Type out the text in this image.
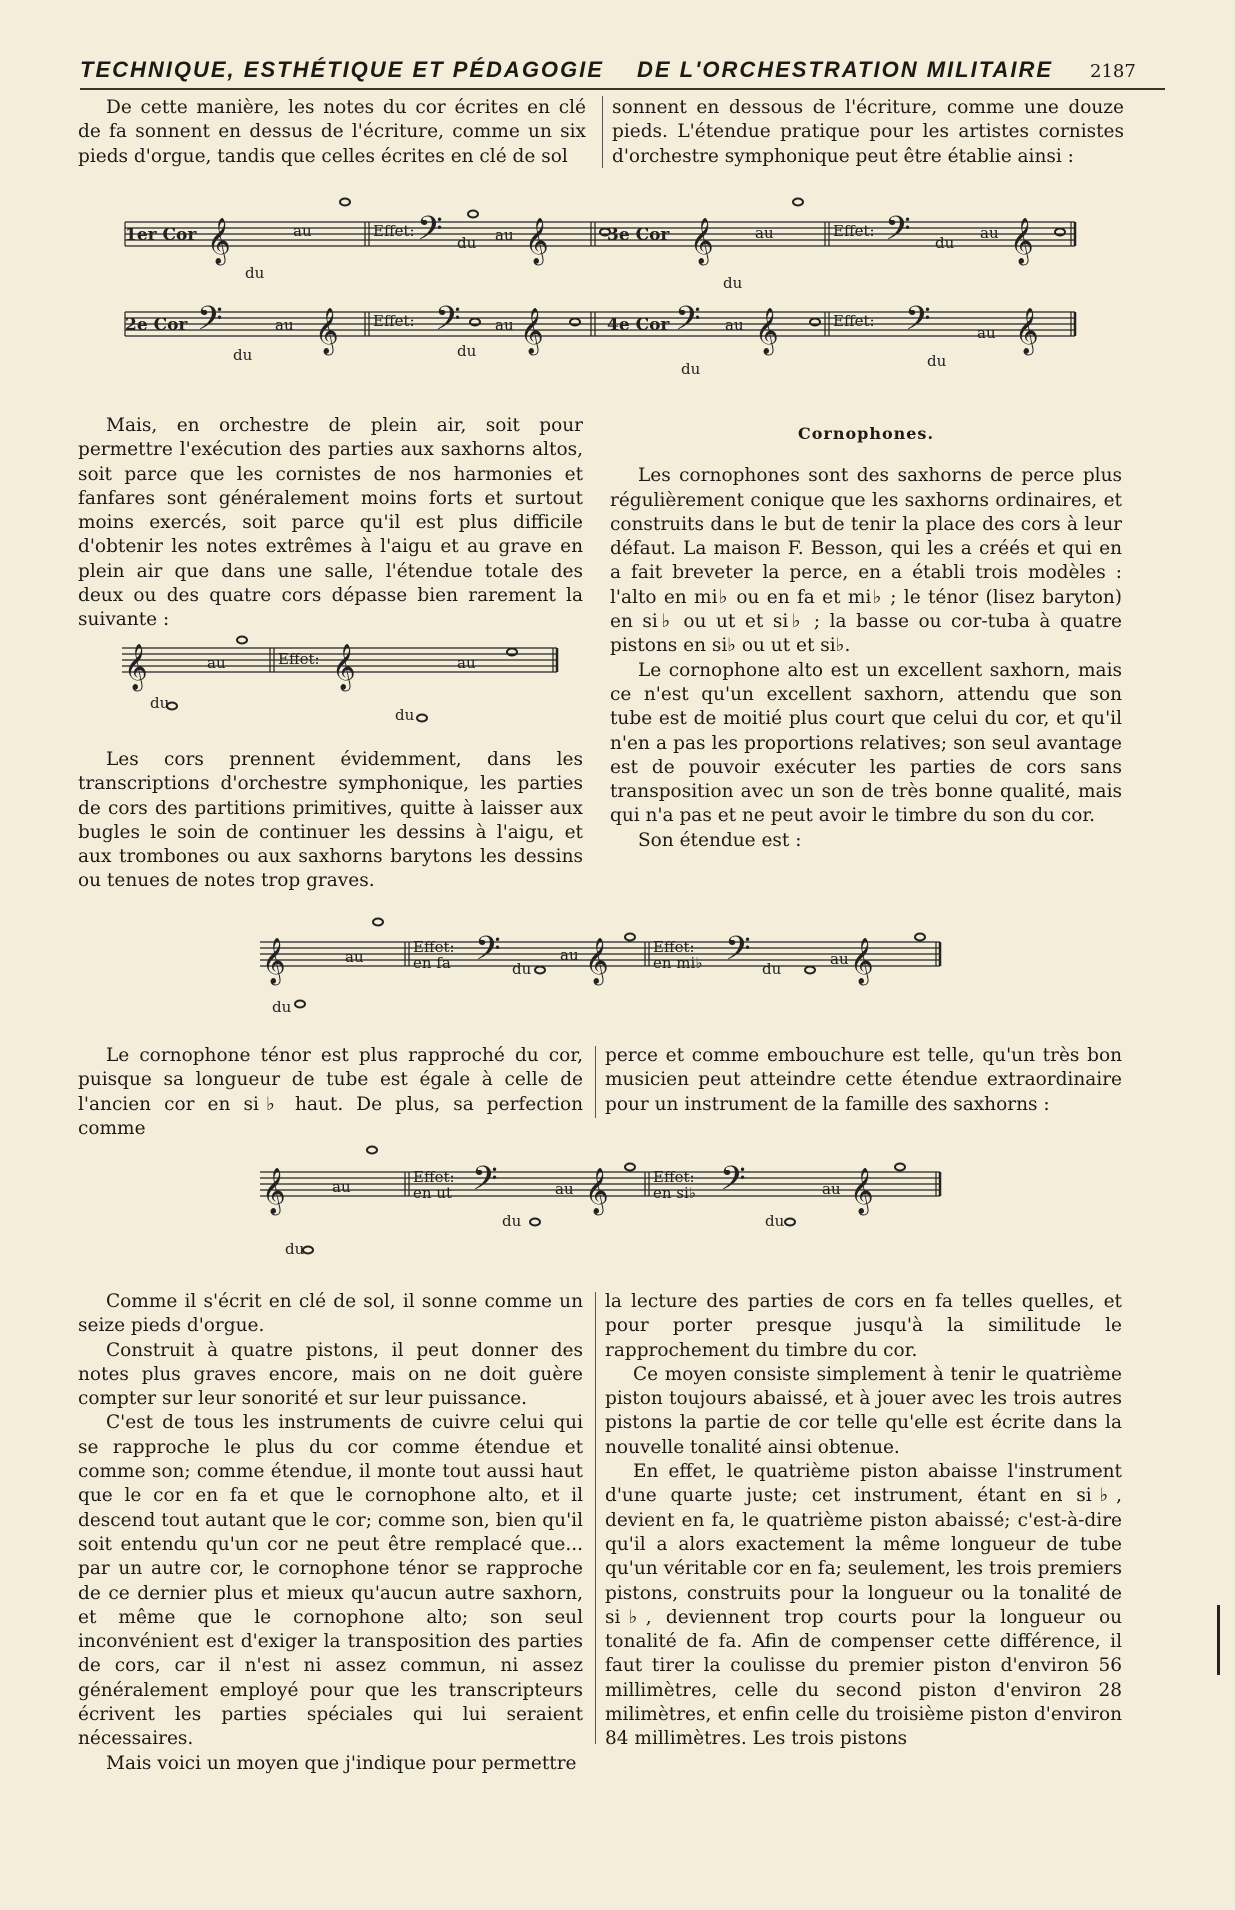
TECHNIQUE, ESTHÉTIQUE ET PÉDAGOGIE DE L'ORCHESTRATION MILITAIRE 2187

De cette manière, les notes du cor écrites en clé de fa sonnent en dessus de l'écriture, comme un six pieds d'orgue, tandis que celles écrites en clé de sol

sonnent en dessous de l'écriture, comme une douze pieds. L'étendue pratique pour les artistes cornistes d'orchestre symphonique peut être établie ainsi :

𝄞	𝄢 𝄞	𝄞	𝄢 𝄞
𝄢 𝄞 𝄢 𝄞	𝄢 𝄞	𝄢 𝄞
1er Cor	3e Cor
2e Cor	4e Cor
Effet:	Effet:
Effet:	Effet:
au	au	au	au
au	au	au	au
du
du
du
du
du	du
du	du

Mais, en orchestre de plein air, soit pour permettre l'exécution des parties aux saxhorns altos, soit parce que les cornistes de nos harmonies et fanfares sont généralement moins forts et surtout moins exercés, soit parce qu'il est plus difficile d'obtenir les notes extrêmes à l'aigu et au grave en plein air que dans une salle, l'étendue totale des deux ou des quatre cors dépasse bien rarement la suivante :

𝄞	𝄞
Effet:
au	au
du
du

Les cors prennent évidemment, dans les transcriptions d'orchestre symphonique, les parties de cors des partitions primitives, quitte à laisser aux bugles le soin de continuer les dessins à l'aigu, et aux trombones ou aux saxhorns barytons les dessins ou tenues de notes trop graves.

Cornophones.

Les cornophones sont des saxhorns de perce plus régulièrement conique que les saxhorns ordinaires, et construits dans le but de tenir la place des cors à leur défaut. La maison F. Besson, qui les a créés et qui en a fait breveter la perce, en a établi trois modèles : l'alto en mi♭ ou en fa et mi♭ ; le ténor (lisez baryton) en si♭ ou ut et si♭ ; la basse ou cor-tuba à quatre pistons en si♭ ou ut et si♭.

Le cornophone alto est un excellent saxhorn, mais ce n'est qu'un excellent saxhorn, attendu que son tube est de moitié plus court que celui du cor, et qu'il n'en a pas les proportions relatives; son seul avantage est de pouvoir exécuter les parties de cors sans transposition avec un son de très bonne qualité, mais qui n'a pas et ne peut avoir le timbre du son du cor.

Son étendue est :

𝄞	𝄢 𝄞	𝄢 𝄞
Effet:
en fa
Effet:
en mi♭
au	au	au
du
du	du

Le cornophone ténor est plus rapproché du cor, puisque sa longueur de tube est égale à celle de l'ancien cor en si♭ haut. De plus, sa perfection comme

perce et comme embouchure est telle, qu'un très bon musicien peut atteindre cette étendue extraordinaire pour un instrument de la famille des saxhorns :

𝄞	𝄢 𝄞	𝄢	𝄞
Effet:
en ut
Effet:
en si♭
au	au	au
du
du	du

Comme il s'écrit en clé de sol, il sonne comme un seize pieds d'orgue.

Construit à quatre pistons, il peut donner des notes plus graves encore, mais on ne doit guère compter sur leur sonorité et sur leur puissance.

C'est de tous les instruments de cuivre celui qui se rapproche le plus du cor comme étendue et comme son; comme étendue, il monte tout aussi haut que le cor en fa et que le cornophone alto, et il descend tout autant que le cor; comme son, bien qu'il soit entendu qu'un cor ne peut être remplacé que... par un autre cor, le cornophone ténor se rapproche de ce dernier plus et mieux qu'aucun autre saxhorn, et même que le cornophone alto; son seul inconvénient est d'exiger la transposition des parties de cors, car il n'est ni assez commun, ni assez généralement employé pour que les transcripteurs écrivent les parties spéciales qui lui seraient nécessaires.

Mais voici un moyen que j'indique pour permettre

la lecture des parties de cors en fa telles quelles, et pour porter presque jusqu'à la similitude le rapprochement du timbre du cor.

Ce moyen consiste simplement à tenir le quatrième piston toujours abaissé, et à jouer avec les trois autres pistons la partie de cor telle qu'elle est écrite dans la nouvelle tonalité ainsi obtenue.

En effet, le quatrième piston abaisse l'instrument d'une quarte juste; cet instrument, étant en si♭, devient en fa, le quatrième piston abaissé; c'est-à-dire qu'il a alors exactement la même longueur de tube qu'un véritable cor en fa; seulement, les trois premiers pistons, construits pour la longueur ou la tonalité de si♭, deviennent trop courts pour la longueur ou tonalité de fa. Afin de compenser cette différence, il faut tirer la coulisse du premier piston d'environ 56 millimètres, celle du second piston d'environ 28 milimètres, et enfin celle du troisième piston d'environ 84 millimètres. Les trois pistons
